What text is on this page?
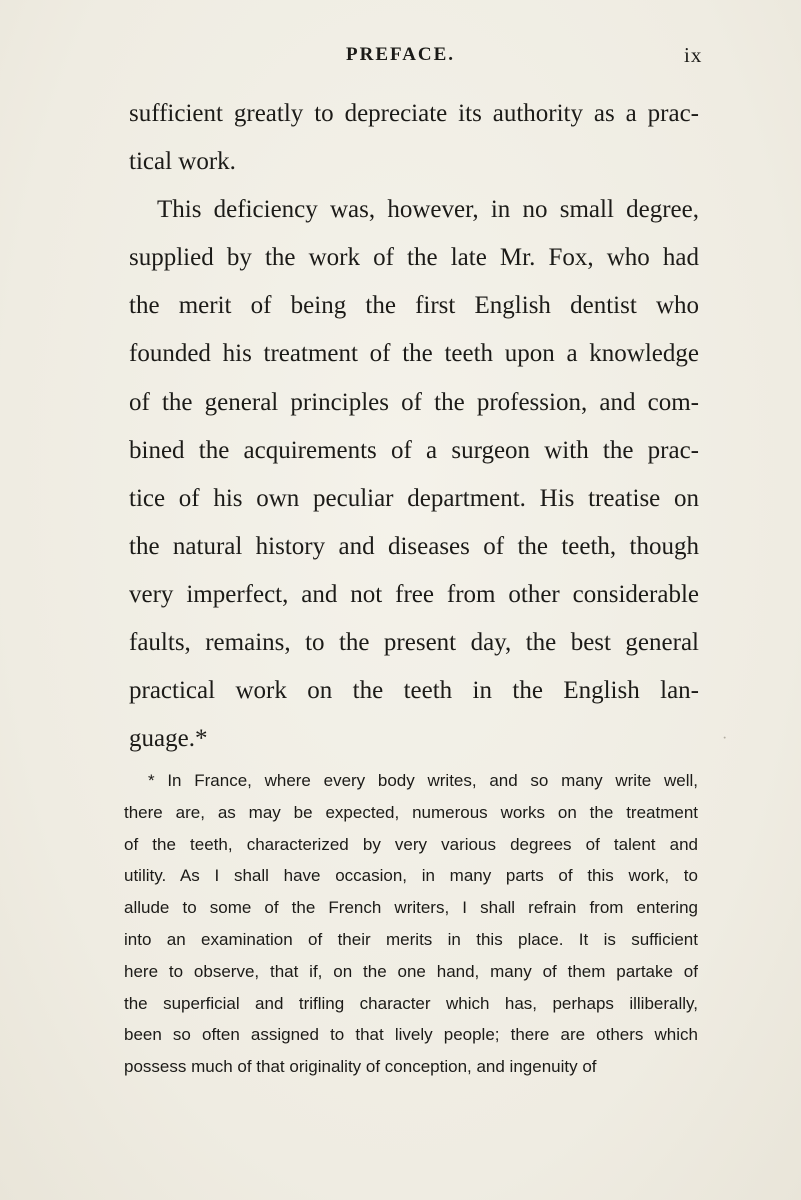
PREFACE.	ix
sufficient greatly to depreciate its authority as a prac-
tical work.
This deficiency was, however, in no small degree,
supplied by the work of the late Mr. Fox, who had
the merit of being the first English dentist who
founded his treatment of the teeth upon a knowledge
of the general principles of the profession, and com-
bined the acquirements of a surgeon with the prac-
tice of his own peculiar department. His treatise on
the natural history and diseases of the teeth, though
very imperfect, and not free from other considerable
faults, remains, to the present day, the best general
practical work on the teeth in the English lan-
guage.*
* In France, where every body writes, and so many write well,
there are, as may be expected, numerous works on the treatment
of the teeth, characterized by very various degrees of talent and
utility. As I shall have occasion, in many parts of this work, to
allude to some of the French writers, I shall refrain from entering
into an examination of their merits in this place. It is sufficient
here to observe, that if, on the one hand, many of them partake of
the superficial and trifling character which has, perhaps illiberally,
been so often assigned to that lively people; there are others which
possess much of that originality of conception, and ingenuity of
·
